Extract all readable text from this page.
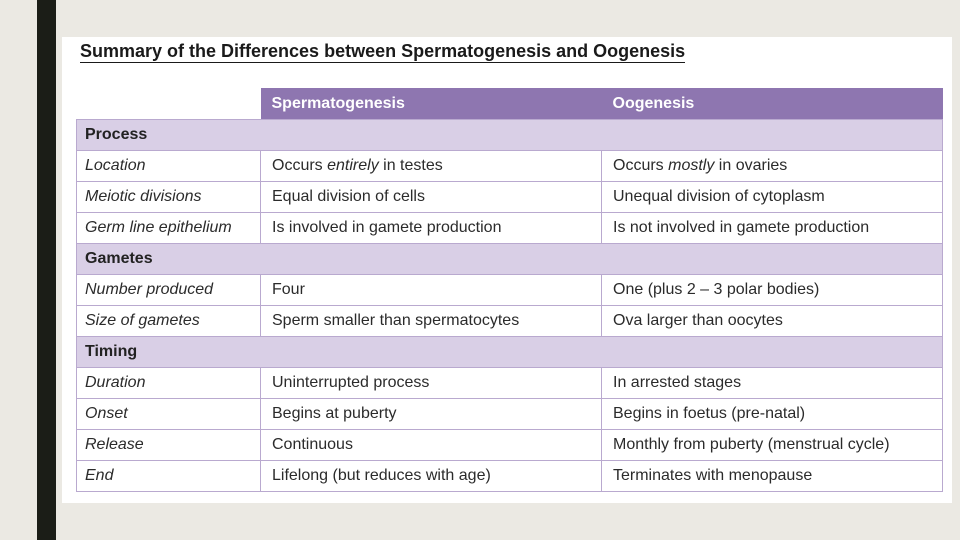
Summary of the Differences between Spermatogenesis and Oogenesis
	Spermatogenesis	Oogenesis
Process		
Location	Occurs entirely in testes	Occurs mostly in ovaries
Meiotic divisions	Equal division of cells	Unequal division of cytoplasm
Germ line epithelium	Is involved in gamete production	Is not involved in gamete production
Gametes		
Number produced	Four	One (plus 2 – 3 polar bodies)
Size of gametes	Sperm smaller than spermatocytes	Ova larger than oocytes
Timing		
Duration	Uninterrupted process	In arrested stages
Onset	Begins at puberty	Begins in foetus (pre-natal)
Release	Continuous	Monthly from puberty (menstrual cycle)
End	Lifelong (but reduces with age)	Terminates with menopause
